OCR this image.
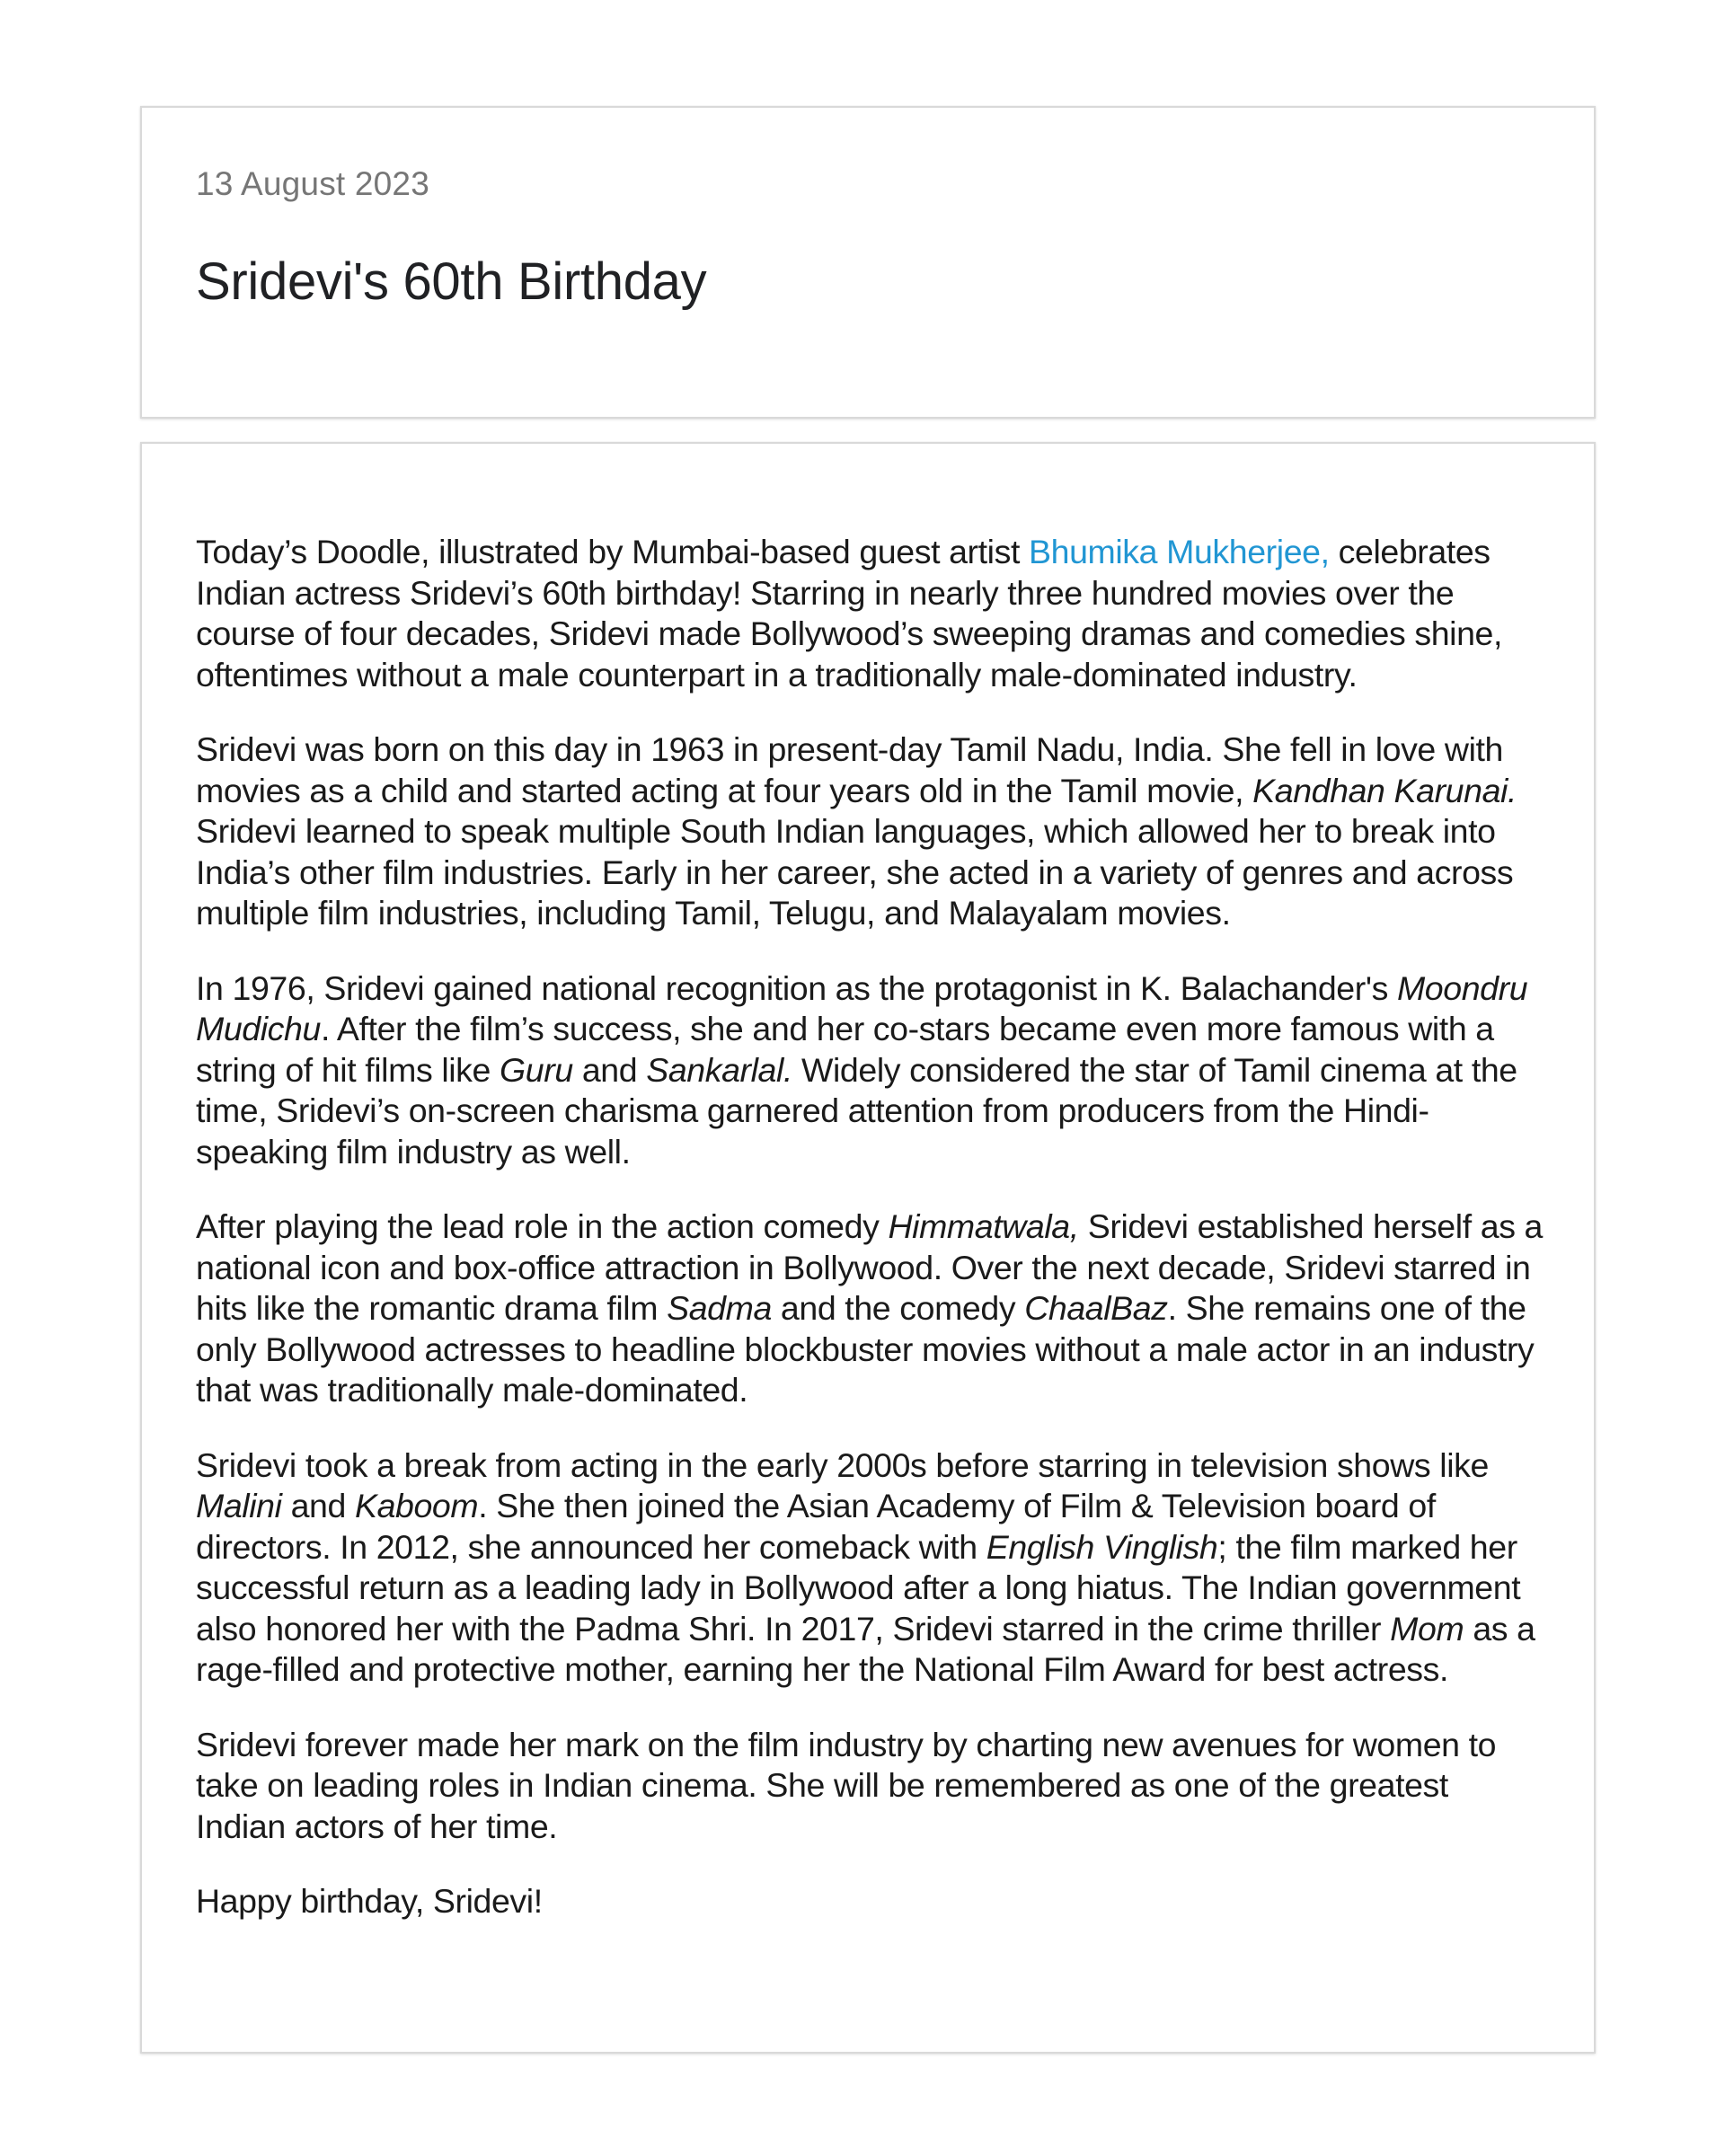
13 August 2023
Sridevi's 60th Birthday

Today’s Doodle, illustrated by Mumbai-based guest artist Bhumika Mukherjee, celebrates Indian actress Sridevi’s 60th birthday! Starring in nearly three hundred movies over the course of four decades, Sridevi made Bollywood’s sweeping dramas and comedies shine, oftentimes without a male counterpart in a traditionally male-dominated industry.

Sridevi was born on this day in 1963 in present-day Tamil Nadu, India. She fell in love with movies as a child and started acting at four years old in the Tamil movie, Kandhan Karunai. Sridevi learned to speak multiple South Indian languages, which allowed her to break into India’s other film industries. Early in her career, she acted in a variety of genres and across multiple film industries, including Tamil, Telugu, and Malayalam movies.

In 1976, Sridevi gained national recognition as the protagonist in K. Balachander's Moondru Mudichu. After the film’s success, she and her co-stars became even more famous with a string of hit films like Guru and Sankarlal. Widely considered the star of Tamil cinema at the time, Sridevi’s on-screen charisma garnered attention from producers from the Hindi-speaking film industry as well.

After playing the lead role in the action comedy Himmatwala, Sridevi established herself as a national icon and box-office attraction in Bollywood. Over the next decade, Sridevi starred in hits like the romantic drama film Sadma and the comedy ChaalBaz. She remains one of the only Bollywood actresses to headline blockbuster movies without a male actor in an industry that was traditionally male-dominated.

Sridevi took a break from acting in the early 2000s before starring in television shows like Malini and Kaboom. She then joined the Asian Academy of Film & Television board of directors. In 2012, she announced her comeback with English Vinglish; the film marked her successful return as a leading lady in Bollywood after a long hiatus. The Indian government also honored her with the Padma Shri. In 2017, Sridevi starred in the crime thriller Mom as a rage-filled and protective mother, earning her the National Film Award for best actress.

Sridevi forever made her mark on the film industry by charting new avenues for women to take on leading roles in Indian cinema. She will be remembered as one of the greatest Indian actors of her time.

Happy birthday, Sridevi!
